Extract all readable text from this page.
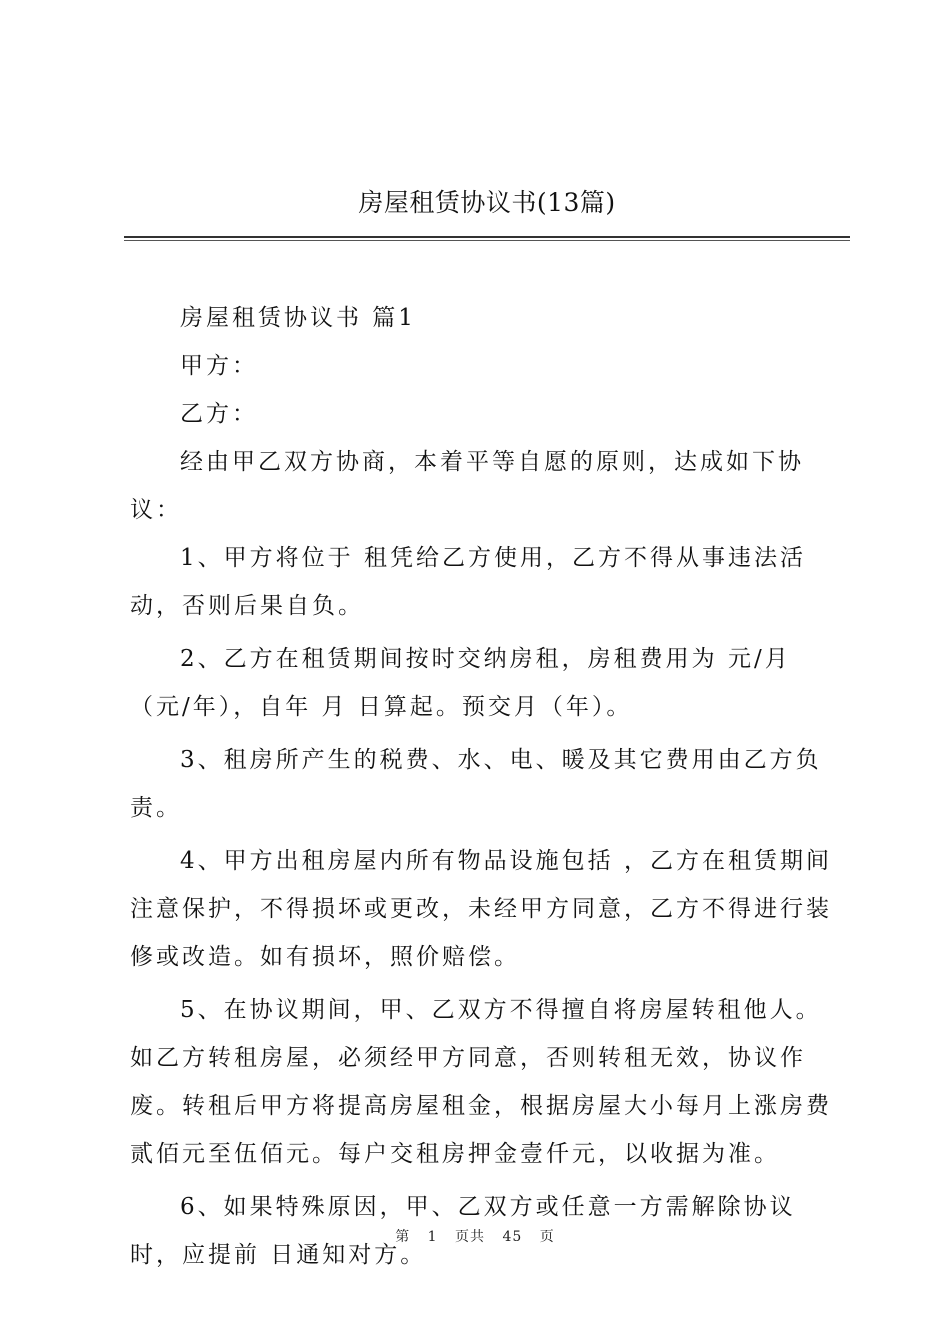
房屋租赁协议书(13篇)

房屋租赁协议书 篇1

甲方：

乙方：

经由甲乙双方协商，本着平等自愿的原则，达成如下协议：

1、甲方将位于 租凭给乙方使用，乙方不得从事违法活动，否则后果自负。

2、乙方在租赁期间按时交纳房租，房租费用为 元/月（元/年），自年 月 日算起。预交月（年）。

3、租房所产生的税费、水、电、暖及其它费用由乙方负责。

4、甲方出租房屋内所有物品设施包括 ，乙方在租赁期间注意保护，不得损坏或更改，未经甲方同意，乙方不得进行装修或改造。如有损坏，照价赔偿。

5、在协议期间，甲、乙双方不得擅自将房屋转租他人。如乙方转租房屋，必须经甲方同意，否则转租无效，协议作废。转租后甲方将提高房屋租金，根据房屋大小每月上涨房费贰佰元至伍佰元。每户交租房押金壹仟元，以收据为准。

6、如果特殊原因，甲、乙双方或任意一方需解除协议时，应提前 日通知对方。

第 1 页共 45 页
